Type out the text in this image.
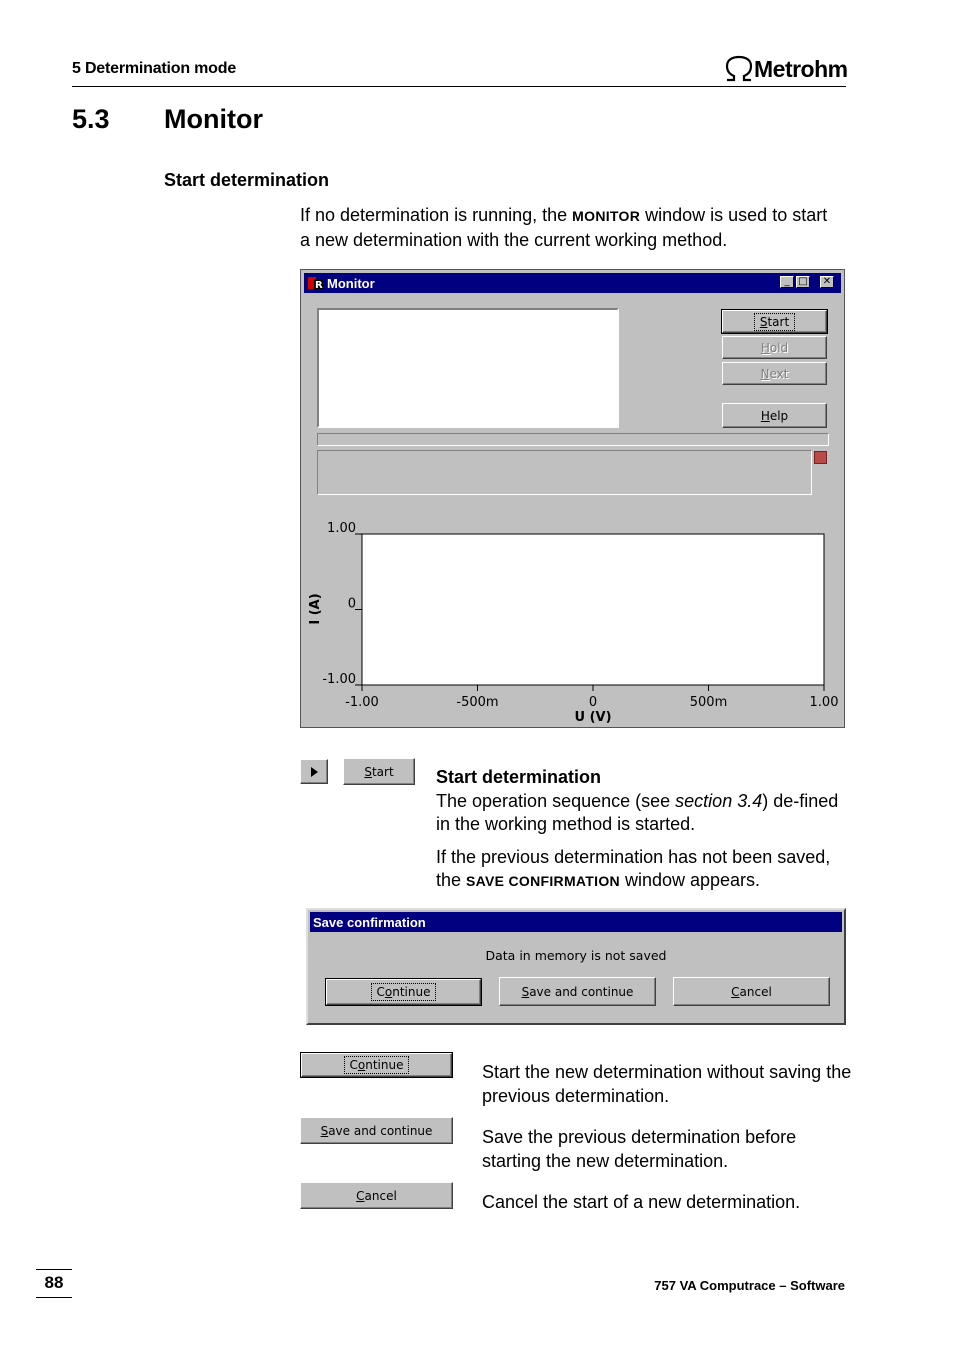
5 Determination mode	Metrohm
5.3 Monitor
Start determination
If no determination is running, the MONITOR window is used to start a new determination with the current working method.
R Monitor	_ □ ✕
Start
Hold
Next
Help
1.00
0
-1.00
-1.00	-500m	0	500m	1.00
U (V)
I (A)
Start Start determination
The operation sequence (see section 3.4) de-fined in the working method is started.
If the previous determination has not been saved, the SAVE CONFIRMATION window appears.
Save confirmation
Data in memory is not saved
Continue	Save and continue	Cancel
Continue	Start the new determination without saving the previous determination.
Save and continue	Save the previous determination before starting the new determination.
Cancel	Cancel the start of a new determination.
88	757 VA Computrace – Software
